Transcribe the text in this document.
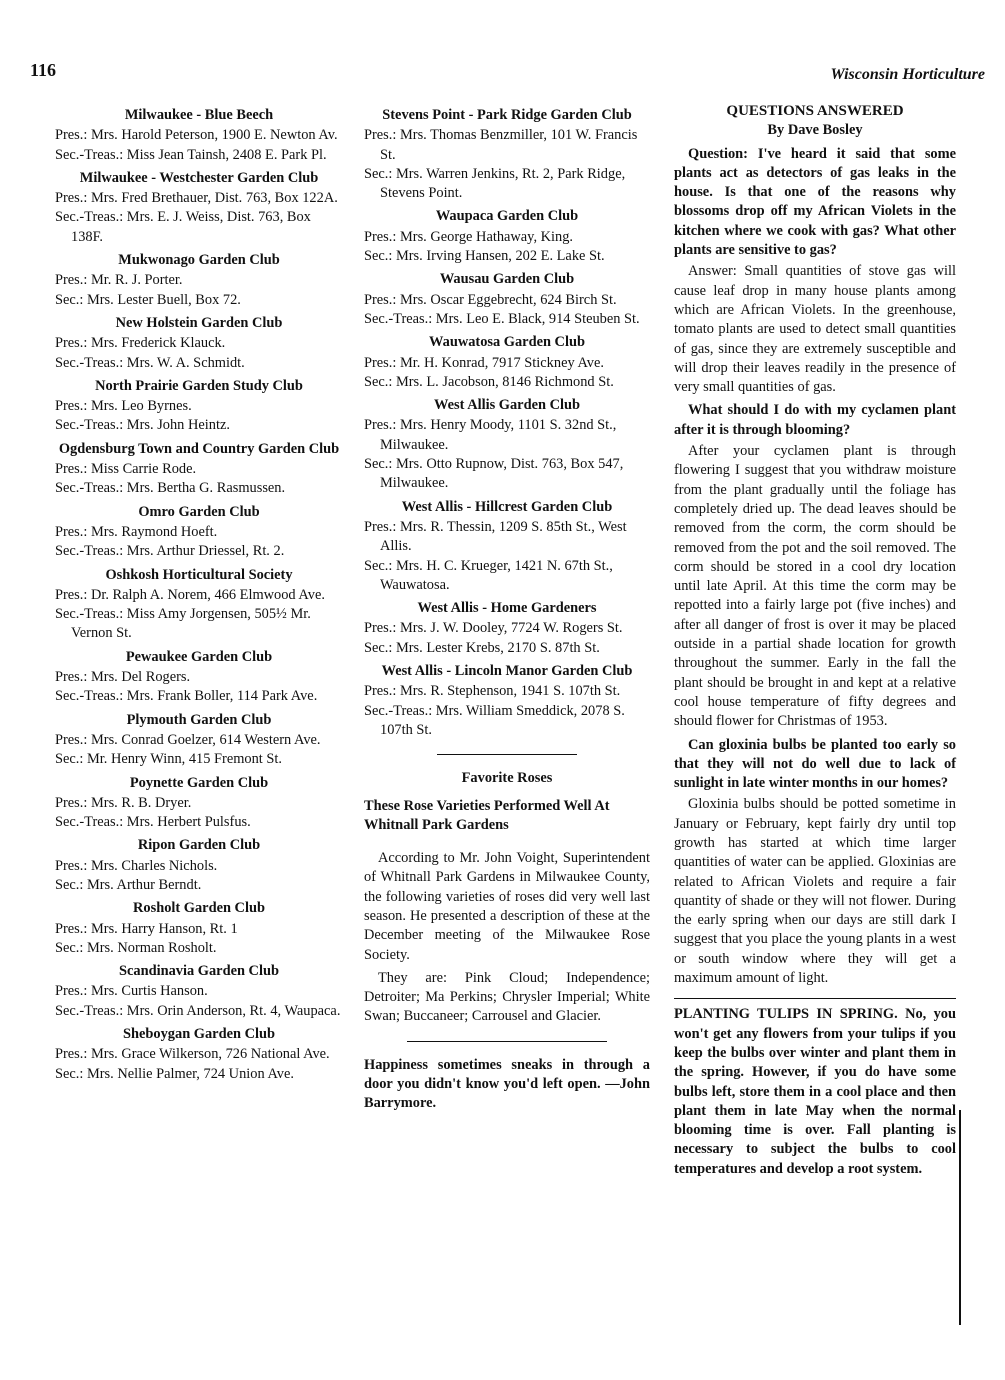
116	Wisconsin Horticulture
Milwaukee - Blue Beech
Pres.: Mrs. Harold Peterson, 1900 E. Newton Av.
Sec.-Treas.: Miss Jean Tainsh, 2408 E. Park Pl.
Milwaukee - Westchester Garden Club
Pres.: Mrs. Fred Brethauer, Dist. 763, Box 122A.
Sec.-Treas.: Mrs. E. J. Weiss, Dist. 763, Box 138F.
Mukwonago Garden Club
Pres.: Mr. R. J. Porter.
Sec.: Mrs. Lester Buell, Box 72.
New Holstein Garden Club
Pres.: Mrs. Frederick Klauck.
Sec.-Treas.: Mrs. W. A. Schmidt.
North Prairie Garden Study Club
Pres.: Mrs. Leo Byrnes.
Sec.-Treas.: Mrs. John Heintz.
Ogdensburg Town and Country Garden Club
Pres.: Miss Carrie Rode.
Sec.-Treas.: Mrs. Bertha G. Rasmussen.
Omro Garden Club
Pres.: Mrs. Raymond Hoeft.
Sec.-Treas.: Mrs. Arthur Driessel, Rt. 2.
Oshkosh Horticultural Society
Pres.: Dr. Ralph A. Norem, 466 Elmwood Ave.
Sec.-Treas.: Miss Amy Jorgensen, 505½ Mr. Vernon St.
Pewaukee Garden Club
Pres.: Mrs. Del Rogers.
Sec.-Treas.: Mrs. Frank Boller, 114 Park Ave.
Plymouth Garden Club
Pres.: Mrs. Conrad Goelzer, 614 Western Ave.
Sec.: Mr. Henry Winn, 415 Fremont St.
Poynette Garden Club
Pres.: Mrs. R. B. Dryer.
Sec.-Treas.: Mrs. Herbert Pulsfus.
Ripon Garden Club
Pres.: Mrs. Charles Nichols.
Sec.: Mrs. Arthur Berndt.
Rosholt Garden Club
Pres.: Mrs. Harry Hanson, Rt. 1
Sec.: Mrs. Norman Rosholt.
Scandinavia Garden Club
Pres.: Mrs. Curtis Hanson.
Sec.-Treas.: Mrs. Orin Anderson, Rt. 4, Waupaca.
Sheboygan Garden Club
Pres.: Mrs. Grace Wilkerson, 726 National Ave.
Sec.: Mrs. Nellie Palmer, 724 Union Ave.
Stevens Point - Park Ridge Garden Club
Pres.: Mrs. Thomas Benzmiller, 101 W. Francis St.
Sec.: Mrs. Warren Jenkins, Rt. 2, Park Ridge, Stevens Point.
Waupaca Garden Club
Pres.: Mrs. George Hathaway, King.
Sec.: Mrs. Irving Hansen, 202 E. Lake St.
Wausau Garden Club
Pres.: Mrs. Oscar Eggebrecht, 624 Birch St.
Sec.-Treas.: Mrs. Leo E. Black, 914 Steuben St.
Wauwatosa Garden Club
Pres.: Mr. H. Konrad, 7917 Stickney Ave.
Sec.: Mrs. L. Jacobson, 8146 Richmond St.
West Allis Garden Club
Pres.: Mrs. Henry Moody, 1101 S. 32nd St., Milwaukee.
Sec.: Mrs. Otto Rupnow, Dist. 763, Box 547, Milwaukee.
West Allis - Hillcrest Garden Club
Pres.: Mrs. R. Thessin, 1209 S. 85th St., West Allis.
Sec.: Mrs. H. C. Krueger, 1421 N. 67th St., Wauwatosa.
West Allis - Home Gardeners
Pres.: Mrs. J. W. Dooley, 7724 W. Rogers St.
Sec.: Mrs. Lester Krebs, 2170 S. 87th St.
West Allis - Lincoln Manor Garden Club
Pres.: Mrs. R. Stephenson, 1941 S. 107th St.
Sec.-Treas.: Mrs. William Smeddick, 2078 S. 107th St.
Favorite Roses
These Rose Varieties Performed Well At Whitnall Park Gardens
According to Mr. John Voight, Superintendent of Whitnall Park Gardens in Milwaukee County, the following varieties of roses did very well last season. He presented a description of these at the December meeting of the Milwaukee Rose Society.
They are: Pink Cloud; Independence; Detroiter; Ma Perkins; Chrysler Imperial; White Swan; Buccaneer; Carrousel and Glacier.
Happiness sometimes sneaks in through a door you didn't know you'd left open. —John Barrymore.
QUESTIONS ANSWERED
By Dave Bosley
Question: I've heard it said that some plants act as detectors of gas leaks in the house. Is that one of the reasons why blossoms drop off my African Violets in the kitchen where we cook with gas? What other plants are sensitive to gas?
Answer: Small quantities of stove gas will cause leaf drop in many house plants among which are African Violets. In the greenhouse, tomato plants are used to detect small quantities of gas, since they are extremely susceptible and will drop their leaves readily in the presence of very small quantities of gas.
What should I do with my cyclamen plant after it is through blooming?
After your cyclamen plant is through flowering I suggest that you withdraw moisture from the plant gradually until the foliage has completely dried up. The dead leaves should be removed from the corm, the corm should be removed from the pot and the soil removed. The corm should be stored in a cool dry location until late April. At this time the corm may be repotted into a fairly large pot (five inches) and after all danger of frost is over it may be placed outside in a partial shade location for growth throughout the summer. Early in the fall the plant should be brought in and kept at a relative cool house temperature of fifty degrees and should flower for Christmas of 1953.
Can gloxinia bulbs be planted too early so that they will not do well due to lack of sunlight in late winter months in our homes?
Gloxinia bulbs should be potted sometime in January or February, kept fairly dry until top growth has started at which time larger quantities of water can be applied. Gloxinias are related to African Violets and require a fair quantity of shade or they will not flower. During the early spring when our days are still dark I suggest that you place the young plants in a west or south window where they will get a maximum amount of light.
PLANTING TULIPS IN SPRING. No, you won't get any flowers from your tulips if you keep the bulbs over winter and plant them in the spring. However, if you do have some bulbs left, store them in a cool place and then plant them in late May when the normal blooming time is over. Fall planting is necessary to subject the bulbs to cool temperatures and develop a root system.
